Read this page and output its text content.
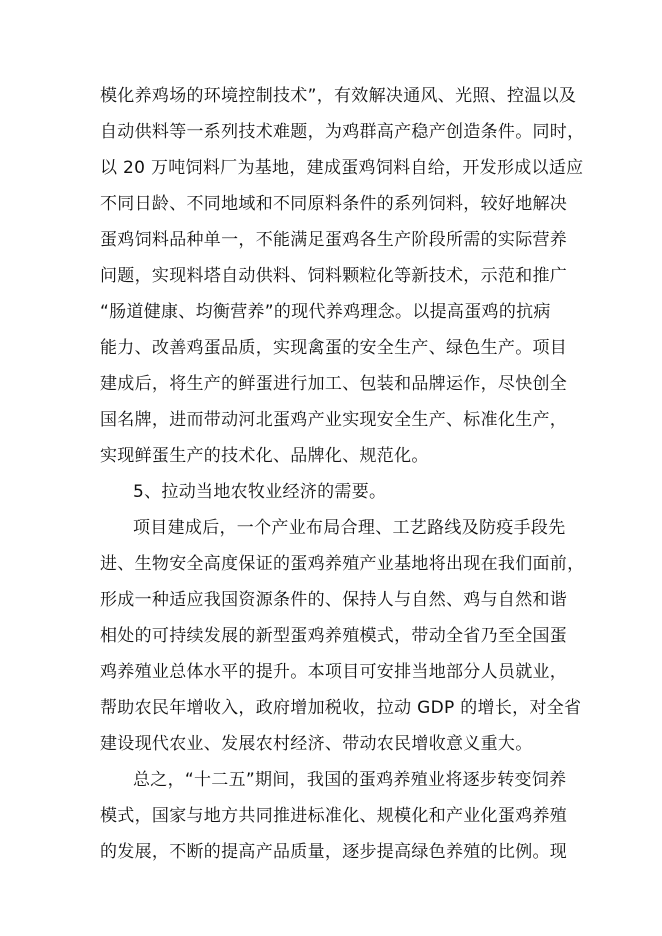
模化养鸡场的环境控制技术”，有效解决通风、光照、控温以及
自动供料等一系列技术难题，为鸡群高产稳产创造条件。同时，
以 20 万吨饲料厂为基地，建成蛋鸡饲料自给，开发形成以适应
不同日龄、不同地域和不同原料条件的系列饲料，较好地解决
蛋鸡饲料品种单一，不能满足蛋鸡各生产阶段所需的实际营养
问题，实现料塔自动供料、饲料颗粒化等新技术，示范和推广
“肠道健康、均衡营养”的现代养鸡理念。以提高蛋鸡的抗病
能力、改善鸡蛋品质，实现禽蛋的安全生产、绿色生产。项目
建成后，将生产的鲜蛋进行加工、包装和品牌运作，尽快创全
国名牌，进而带动河北蛋鸡产业实现安全生产、标准化生产，
实现鲜蛋生产的技术化、品牌化、规范化。
5、拉动当地农牧业经济的需要。
项目建成后，一个产业布局合理、工艺路线及防疫手段先
进、生物安全高度保证的蛋鸡养殖产业基地将出现在我们面前，
形成一种适应我国资源条件的、保持人与自然、鸡与自然和谐
相处的可持续发展的新型蛋鸡养殖模式，带动全省乃至全国蛋
鸡养殖业总体水平的提升。本项目可安排当地部分人员就业，
帮助农民年增收入，政府增加税收，拉动 GDP 的增长，对全省
建设现代农业、发展农村经济、带动农民增收意义重大。
总之，“十二五”期间，我国的蛋鸡养殖业将逐步转变饲养
模式，国家与地方共同推进标准化、规模化和产业化蛋鸡养殖
的发展，不断的提高产品质量，逐步提高绿色养殖的比例。现
